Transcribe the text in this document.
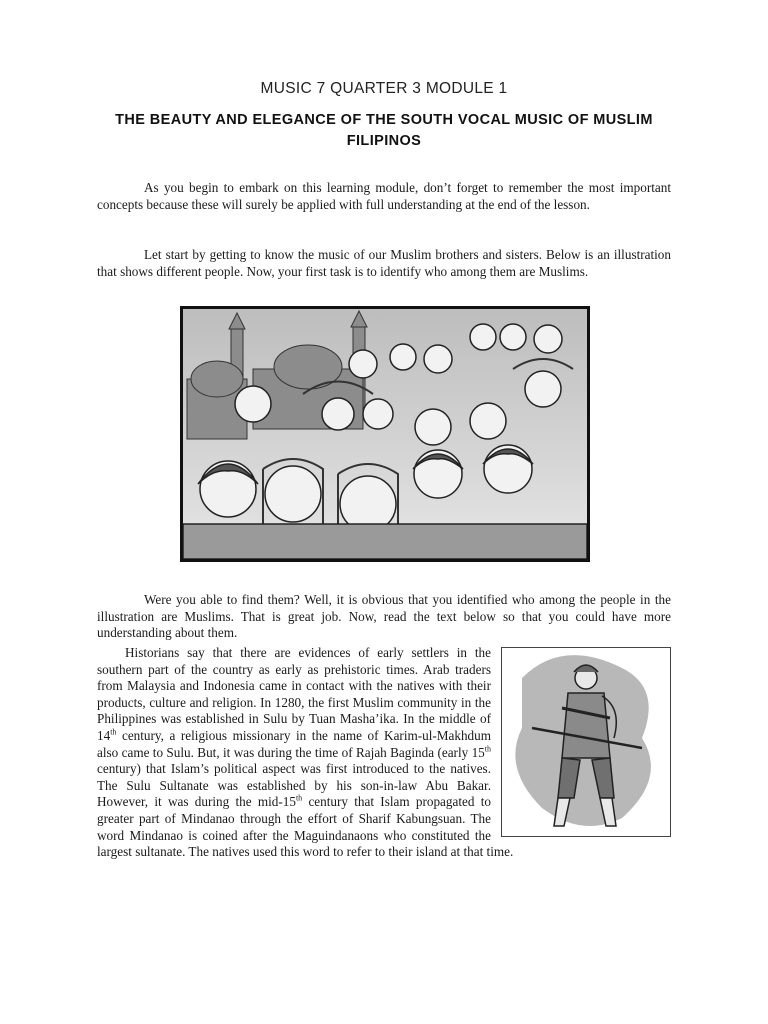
MUSIC 7 QUARTER 3 MODULE 1
THE BEAUTY AND ELEGANCE OF THE SOUTH VOCAL MUSIC OF MUSLIM FILIPINOS

As you begin to embark on this learning module, don’t forget to remember the most important concepts because these will surely be applied with full understanding at the end of the lesson.

Let start by getting to know the music of our Muslim brothers and sisters. Below is an illustration that shows different people. Now, your first task is to identify who among them are Muslims.

Were you able to find them? Well, it is obvious that you identified who among the people in the illustration are Muslims. That is great job. Now, read the text below so that you could have more understanding about them.

Historians say that there are evidences of early settlers in the southern part of the country as early as prehistoric times. Arab traders from Malaysia and Indonesia came in contact with the natives with their products, culture and religion. In 1280, the first Muslim community in the Philippines was established in Sulu by Tuan Masha’ika. In the middle of 14th century, a religious missionary in the name of Karim-ul-Makhdum also came to Sulu. But, it was during the time of Rajah Baginda (early 15th century) that Islam’s political aspect was first introduced to the natives. The Sulu Sultanate was established by his son-in-law Abu Bakar. However, it was during the mid-15th century that Islam propagated to greater part of Mindanao through the effort of Sharif Kabungsuan. The word Mindanao is coined after the Maguindanaons who constituted the largest sultanate. The natives used this word to refer to their island at that time.
